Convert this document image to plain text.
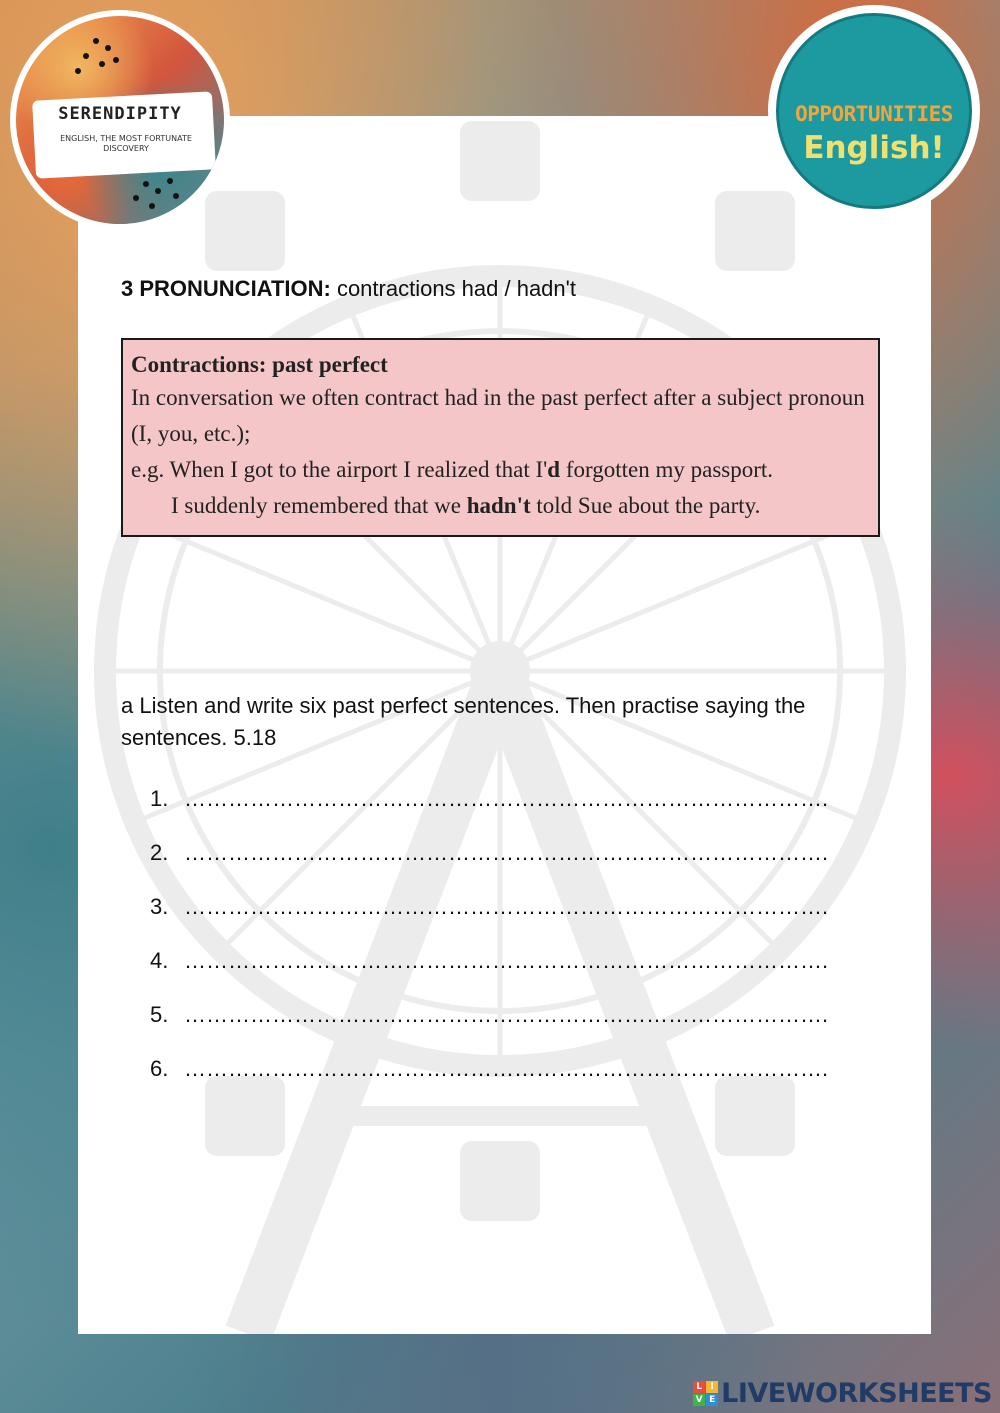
SERENDIPITY
ENGLISH, THE MOST FORTUNATE DISCOVERY
OPPORTUNITIES
English!
3 PRONUNCIATION: contractions had / hadn't
Contractions: past perfect
In conversation we often contract had in the past perfect after a subject pronoun (I, you, etc.);
e.g. When I got to the airport I realized that I'd forgotten my passport.
I suddenly remembered that we hadn't told Sue about the party.
a Listen and write six past perfect sentences. Then practise saying the sentences. 5.18
1. …………………………………………………………………………….
2. …………………………………………………………………………….
3. …………………………………………………………………………….
4. …………………………………………………………………………….
5. …………………………………………………………………………….
6. …………………………………………………………………………….
L I
V E LIVEWORKSHEETS
